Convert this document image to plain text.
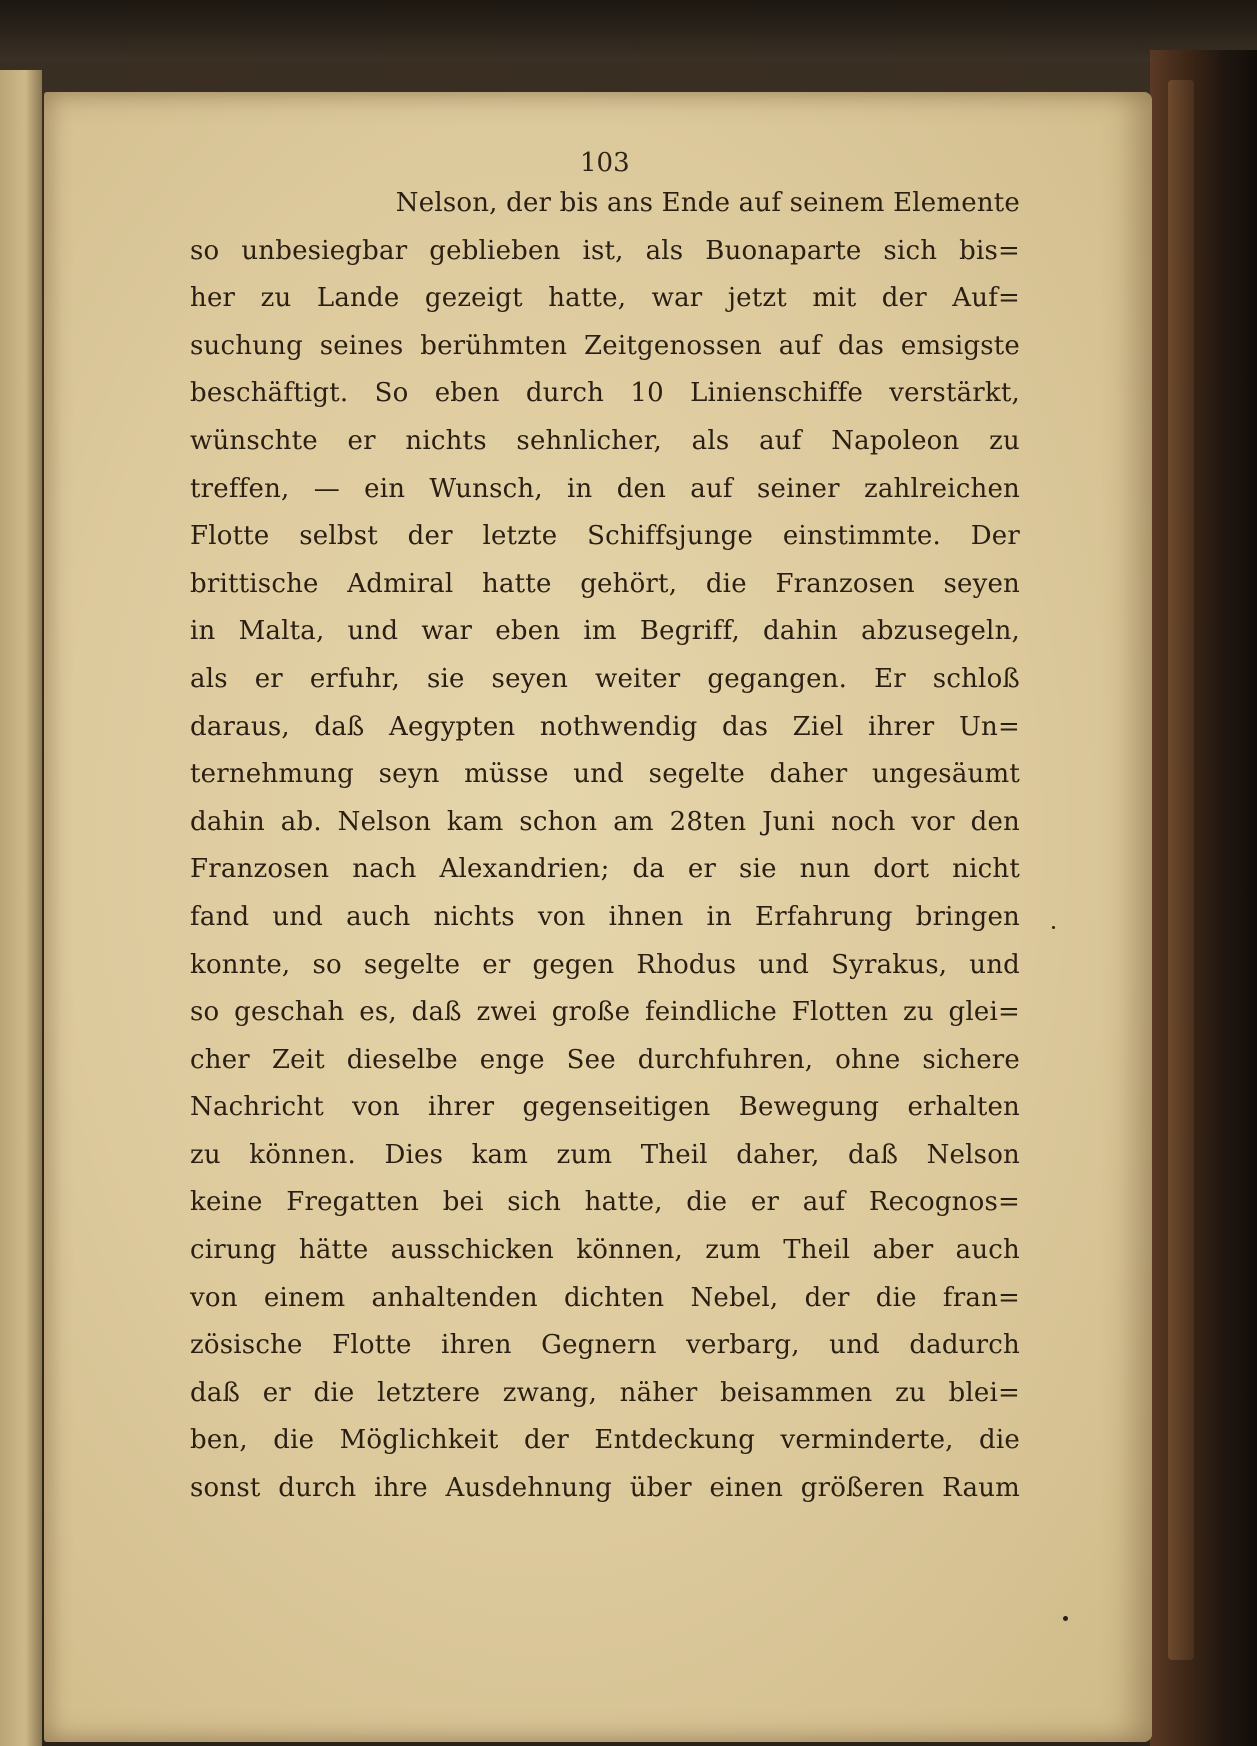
103
Nelson, der bis ans Ende auf seinem Elemente
so unbesiegbar geblieben ist, als Buonaparte sich bis=
her zu Lande gezeigt hatte, war jetzt mit der Auf=
suchung seines berühmten Zeitgenossen auf das emsigste
beschäftigt. So eben durch 10 Linienschiffe verstärkt,
wünschte er nichts sehnlicher, als auf Napoleon zu
treffen, — ein Wunsch, in den auf seiner zahlreichen
Flotte selbst der letzte Schiffsjunge einstimmte. Der
brittische Admiral hatte gehört, die Franzosen seyen
in Malta, und war eben im Begriff, dahin abzusegeln,
als er erfuhr, sie seyen weiter gegangen. Er schloß
daraus, daß Aegypten nothwendig das Ziel ihrer Un=
ternehmung seyn müsse und segelte daher ungesäumt
dahin ab. Nelson kam schon am 28ten Juni noch vor den
Franzosen nach Alexandrien; da er sie nun dort nicht
fand und auch nichts von ihnen in Erfahrung bringen
konnte, so segelte er gegen Rhodus und Syrakus, und
so geschah es, daß zwei große feindliche Flotten zu glei=
cher Zeit dieselbe enge See durchfuhren, ohne sichere
Nachricht von ihrer gegenseitigen Bewegung erhalten
zu können. Dies kam zum Theil daher, daß Nelson
keine Fregatten bei sich hatte, die er auf Recognos=
cirung hätte ausschicken können, zum Theil aber auch
von einem anhaltenden dichten Nebel, der die fran=
zösische Flotte ihren Gegnern verbarg, und dadurch
daß er die letztere zwang, näher beisammen zu blei=
ben, die Möglichkeit der Entdeckung verminderte, die
sonst durch ihre Ausdehnung über einen größeren Raum
